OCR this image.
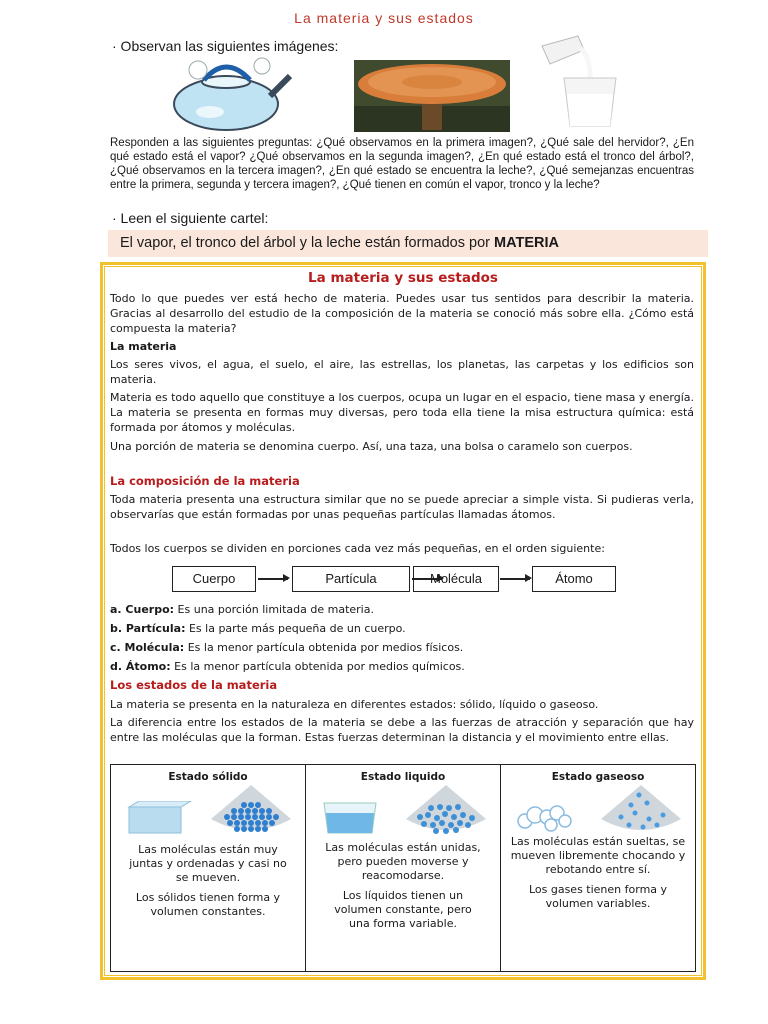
La materia y sus estados
· Observan las siguientes imágenes:
Responden a las siguientes preguntas: ¿Qué observamos en la primera imagen?, ¿Qué sale del hervidor?, ¿En qué estado está el vapor? ¿Qué observamos en la segunda imagen?, ¿En qué estado está el tronco del árbol?, ¿Qué observamos en la tercera imagen?, ¿En qué estado se encuentra la leche?, ¿Qué semejanzas encuentras entre la primera, segunda y tercera imagen?, ¿Qué tienen en común el vapor, tronco y la leche?
· Leen el siguiente cartel:
El vapor, el tronco del árbol y la leche están formados por MATERIA
La materia y sus estados
Todo lo que puedes ver está hecho de materia. Puedes usar tus sentidos para describir la materia. Gracias al desarrollo del estudio de la composición de la materia se conoció más sobre ella. ¿Cómo está compuesta la materia?
La materia
Los seres vivos, el agua, el suelo, el aire, las estrellas, los planetas, las carpetas y los edificios son materia.
Materia es todo aquello que constituye a los cuerpos, ocupa un lugar en el espacio, tiene masa y energía. La materia se presenta en formas muy diversas, pero toda ella tiene la misa estructura química: está formada por átomos y moléculas.
Una porción de materia se denomina cuerpo. Así, una taza, una bolsa o caramelo son cuerpos.
La composición de la materia
Toda materia presenta una estructura similar que no se puede apreciar a simple vista. Si pudieras verla, observarías que están formadas por unas pequeñas partículas llamadas átomos.
Todos los cuerpos se dividen en porciones cada vez más pequeñas, en el orden siguiente:
Cuerpo	Partícula	Molécula	Átomo
a. Cuerpo: Es una porción limitada de materia.
b. Partícula: Es la parte más pequeña de un cuerpo.
c. Molécula: Es la menor partícula obtenida por medios físicos.
d. Átomo: Es la menor partícula obtenida por medios químicos.
Los estados de la materia
La materia se presenta en la naturaleza en diferentes estados: sólido, líquido o gaseoso.
La diferencia entre los estados de la materia se debe a las fuerzas de atracción y separación que hay entre las moléculas que la forman. Estas fuerzas determinan la distancia y el movimiento entre ellas.
Estado sólido

Las moléculas están muy juntas y ordenadas y casi no se mueven.
Los sólidos tienen forma y volumen constantes.

Estado liquido

Las moléculas están unidas, pero pueden moverse y reacomodarse.
Los líquidos tienen un volumen constante, pero una forma variable.

Estado gaseoso

Las moléculas están sueltas, se mueven libremente chocando y rebotando entre sí.
Los gases tienen forma y volumen variables.
